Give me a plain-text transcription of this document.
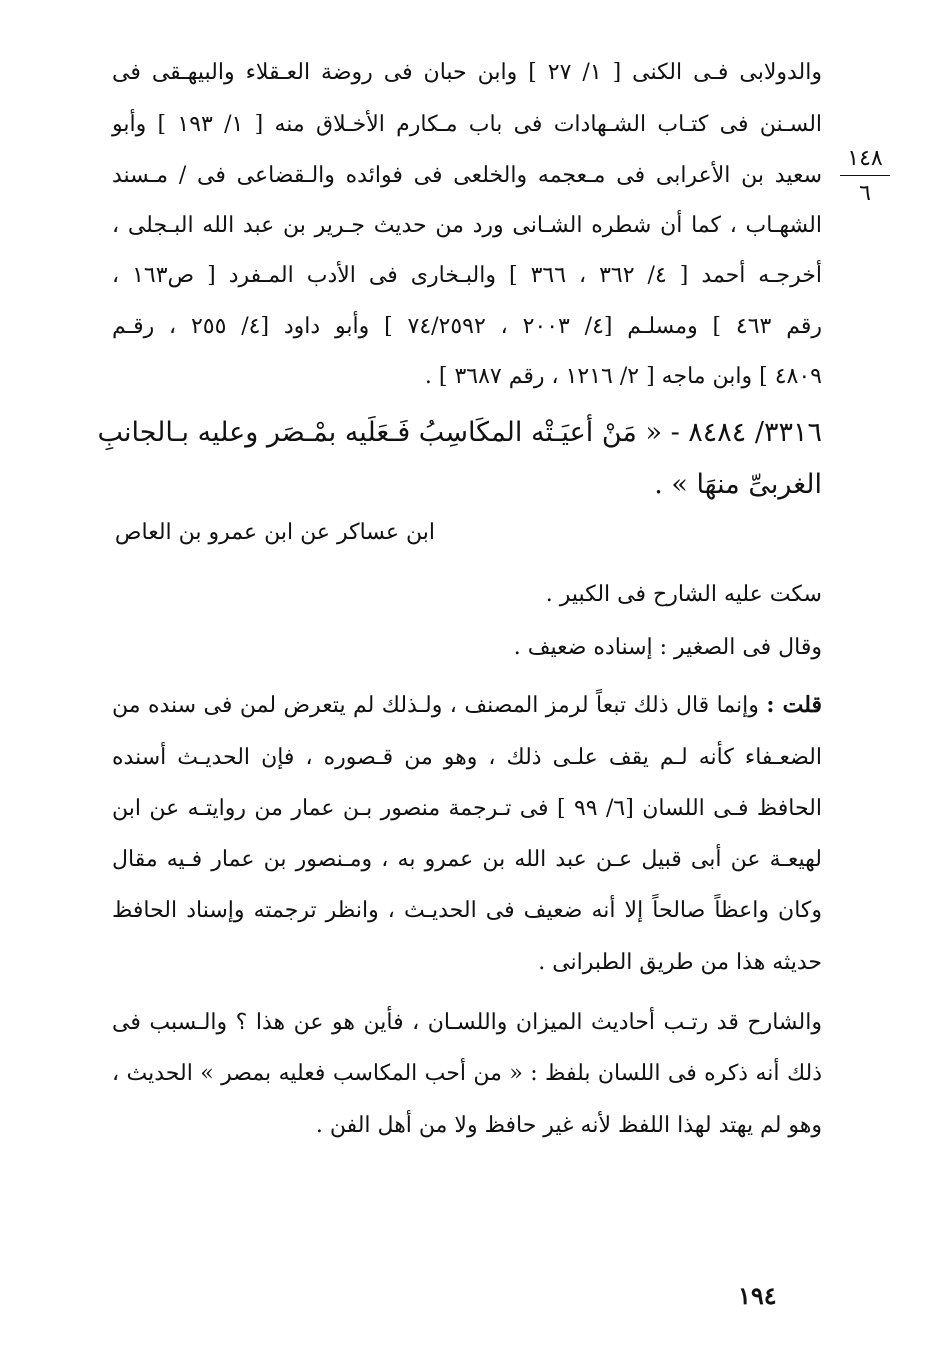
١٤٨
٦
والدولابى فـى الكنى [ ١/ ٢٧ ] وابن حبان فى روضة العـقلاء والبيهـقى فى
السـنن فى كتـاب الشـهادات فى باب مـكارم الأخـلاق منه [ ١/ ١٩٣ ] وأبو
سعيد بن الأعرابى فى مـعجمه والخلعى فى فوائده والـقضاعى فى / مـسند
الشهـاب ، كما أن شطره الشـانى ورد من حديث جـرير بن عبد الله البـجلى ،
أخرجـه أحمد [ ٤/ ٣٦٢ ، ٣٦٦ ] والبـخارى فى الأدب المـفرد [ ص١٦٣ ،
رقم ٤٦٣ ] ومسلـم [٤/ ٢٠٠٣ ، ٧٤/٢٥٩٢ ] وأبو داود [٤/ ٢٥٥ ، رقـم
٤٨٠٩ ] وابن ماجه [ ٢/ ١٢١٦ ، رقم ٣٦٨٧ ] .
٣٣١٦/ ٨٤٨٤ - « مَنْ أعيَـتْه المكَاسِبُ فَـعَلَيه بمْـصَر وعليه بـالجانبِ
الغربىِّ منهَا » .
ابن عساكر عن ابن عمرو بن العاص
سكت عليه الشارح فى الكبير .
وقال فى الصغير : إسناده ضعيف .
قلت : وإنما قال ذلك تبعاً لرمز المصنف ، ولـذلك لم يتعرض لمن فى سنده من
الضعـفاء كأنه لـم يقف علـى ذلك ، وهو من قـصوره ، فإن الحديـث أسنده
الحافظ فـى اللسان [٦/ ٩٩ ] فى تـرجمة منصور بـن عمار من روايتـه عن ابن
لهيعـة عن أبى قبيل عـن عبد الله بن عمرو به ، ومـنصور بن عمار فـيه مقال
وكان واعظاً صالحاً إلا أنه ضعيف فى الحديـث ، وانظر ترجمته وإسناد الحافظ
حديثه هذا من طريق الطبرانى .
والشارح قد رتـب أحاديث الميزان واللسـان ، فأين هو عن هذا ؟ والـسبب فى
ذلك أنه ذكره فى اللسان بلفظ : « من أحب المكاسب فعليه بمصر » الحديث ،
وهو لم يهتد لهذا اللفظ لأنه غير حافظ ولا من أهل الفن .
١٩٤
